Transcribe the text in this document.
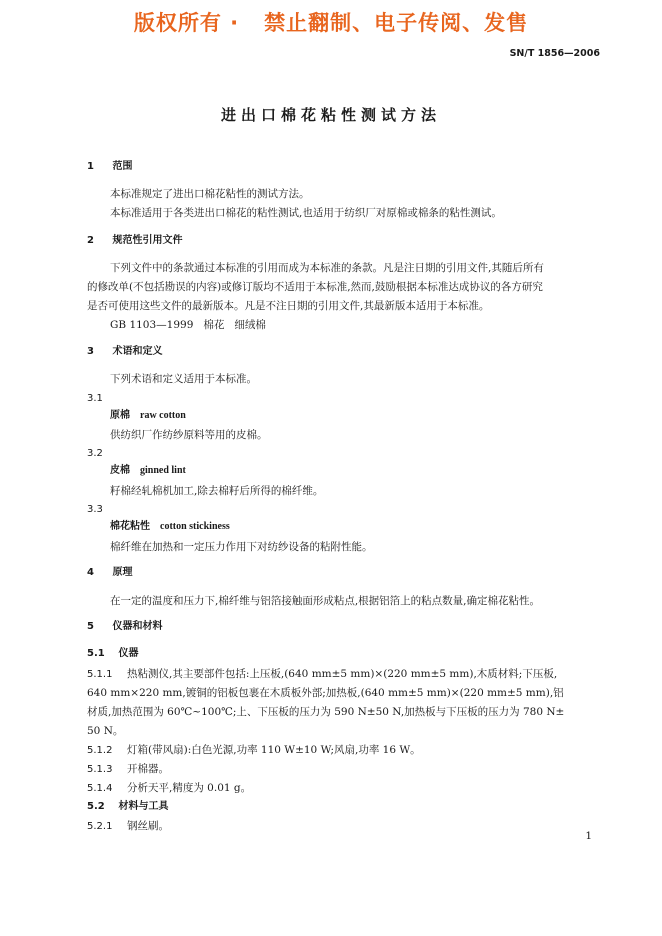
版权所有 ·   禁止翻制、电子传阅、发售
SN/T 1856—2006
进出口棉花粘性测试方法
1 范围
本标准规定了进出口棉花粘性的测试方法。
本标准适用于各类进出口棉花的粘性测试,也适用于纺织厂对原棉或棉条的粘性测试。
2 规范性引用文件
下列文件中的条款通过本标准的引用而成为本标准的条款。凡是注日期的引用文件,其随后所有
的修改单(不包括勘误的内容)或修订版均不适用于本标准,然而,鼓励根据本标准达成协议的各方研究
是否可使用这些文件的最新版本。凡是不注日期的引用文件,其最新版本适用于本标准。
GB 1103—1999   棉花   细绒棉
3 术语和定义
下列术语和定义适用于本标准。
3.1
原棉 raw cotton
供纺织厂作纺纱原料等用的皮棉。
3.2
皮棉 ginned lint
籽棉经轧棉机加工,除去棉籽后所得的棉纤维。
3.3
棉花粘性 cotton stickiness
棉纤维在加热和一定压力作用下对纺纱设备的粘附性能。
4 原理
在一定的温度和压力下,棉纤维与铝箔接触面形成粘点,根据铝箔上的粘点数量,确定棉花粘性。
5 仪器和材料
5.1 仪器
5.1.1 热粘测仪,其主要部件包括:上压板,(640 mm±5 mm)×(220 mm±5 mm),木质材料;下压板,
640 mm×220 mm,镀铜的铝板包裹在木质板外部;加热板,(640 mm±5 mm)×(220 mm±5 mm),铝
材质,加热范围为 60℃~100℃;上、下压板的压力为 590 N±50 N,加热板与下压板的压力为 780 N±
50 N。
5.1.2 灯箱(带风扇):白色光源,功率 110 W±10 W;风扇,功率 16 W。
5.1.3 开棉器。
5.1.4 分析天平,精度为 0.01 g。
5.2 材料与工具
5.2.1 钢丝刷。
1
